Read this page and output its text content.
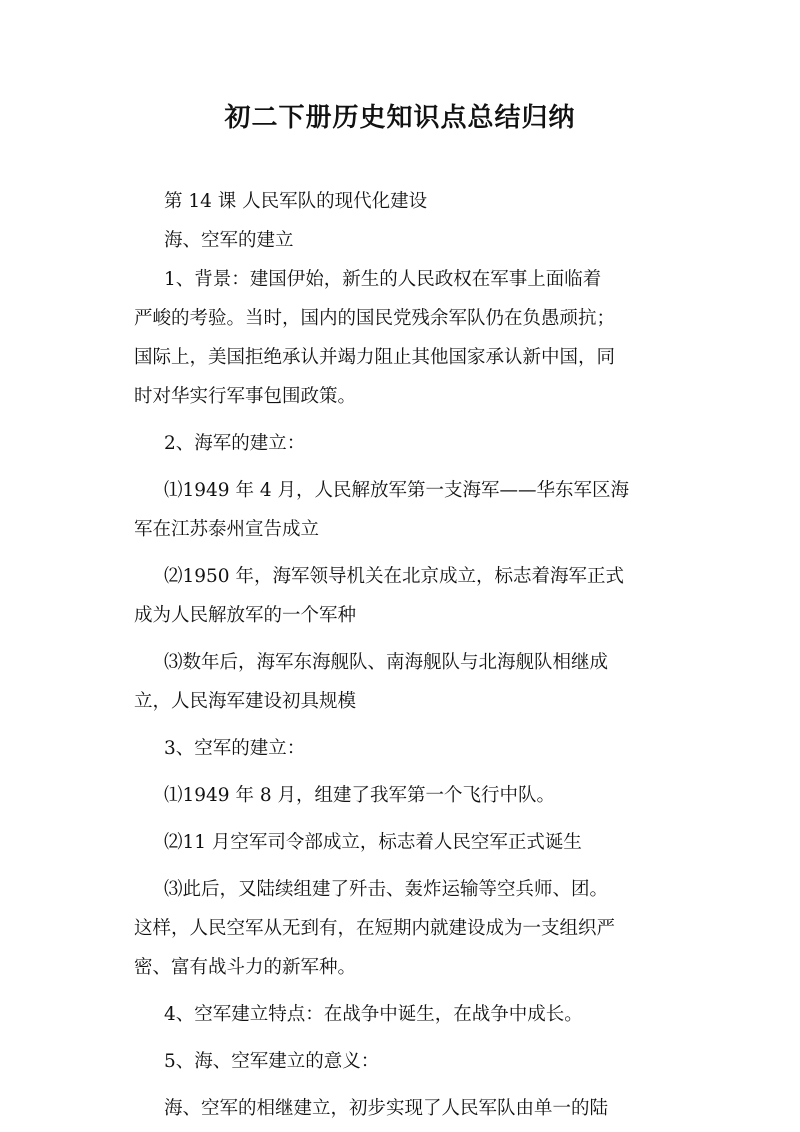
初二下册历史知识点总结归纳
第 14 课 人民军队的现代化建设
海、空军的建立
1、背景：建国伊始，新生的人民政权在军事上面临着
严峻的考验。当时，国内的国民党残余军队仍在负愚顽抗；
国际上，美国拒绝承认并竭力阻止其他国家承认新中国，同
时对华实行军事包围政策。
2、海军的建立：
⑴1949 年 4 月，人民解放军第一支海军——华东军区海
军在江苏泰州宣告成立
⑵1950 年，海军领导机关在北京成立，标志着海军正式
成为人民解放军的一个军种
⑶数年后，海军东海舰队、南海舰队与北海舰队相继成
立，人民海军建设初具规模
3、空军的建立：
⑴1949 年 8 月，组建了我军第一个飞行中队。
⑵11 月空军司令部成立，标志着人民空军正式诞生
⑶此后，又陆续组建了歼击、轰炸运输等空兵师、团。
这样，人民空军从无到有，在短期内就建设成为一支组织严
密、富有战斗力的新军种。
4、空军建立特点：在战争中诞生，在战争中成长。
5、海、空军建立的意义：
海、空军的相继建立，初步实现了人民军队由单一的陆
